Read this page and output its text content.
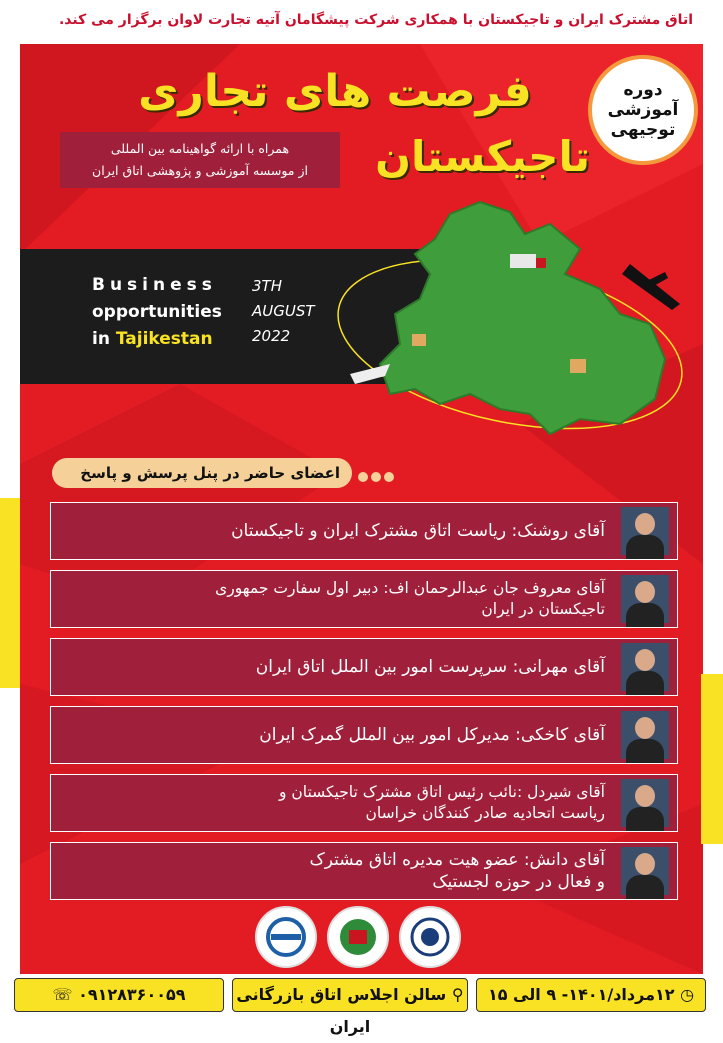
اتاق مشترک ایران و تاجیکستان با همکاری شرکت پیشگامان آتیه تجارت لاوان برگزار می کند.
دوره
آموزشی
توجیهی
فرصت های تجاری
تاجیکستان
همراه با ارائه گواهینامه بین المللی
از موسسه آموزشی و پژوهشی اتاق ایران
Business
opportunities
in Tajikestan
3TH
AUGUST
2022
اعضای حاضر در پنل پرسش و پاسخ
آقای روشنک: ریاست اتاق مشترک ایران و تاجیکستان
آقای معروف جان عبدالرحمان اف: دبیر اول سفارت جمهوری
تاجیکستان در ایران
آقای مهرانی: سرپرست امور بین الملل اتاق ایران
آقای کاخکی: مدیرکل امور بین الملل گمرک ایران
آقای شیردل :نائب رئیس اتاق مشترک تاجیکستان و
ریاست اتحادیه صادر کنندگان خراسان
آقای دانش: عضو هیت مدیره اتاق مشترک
و فعال در حوزه لجستیک
◷ ۱۲مرداد/۱۴۰۱- ۹ الی ۱۵
⚲ سالن اجلاس اتاق بازرگانی ایران
۰۹۱۲۸۳۶۰۰۵۹ ☏
